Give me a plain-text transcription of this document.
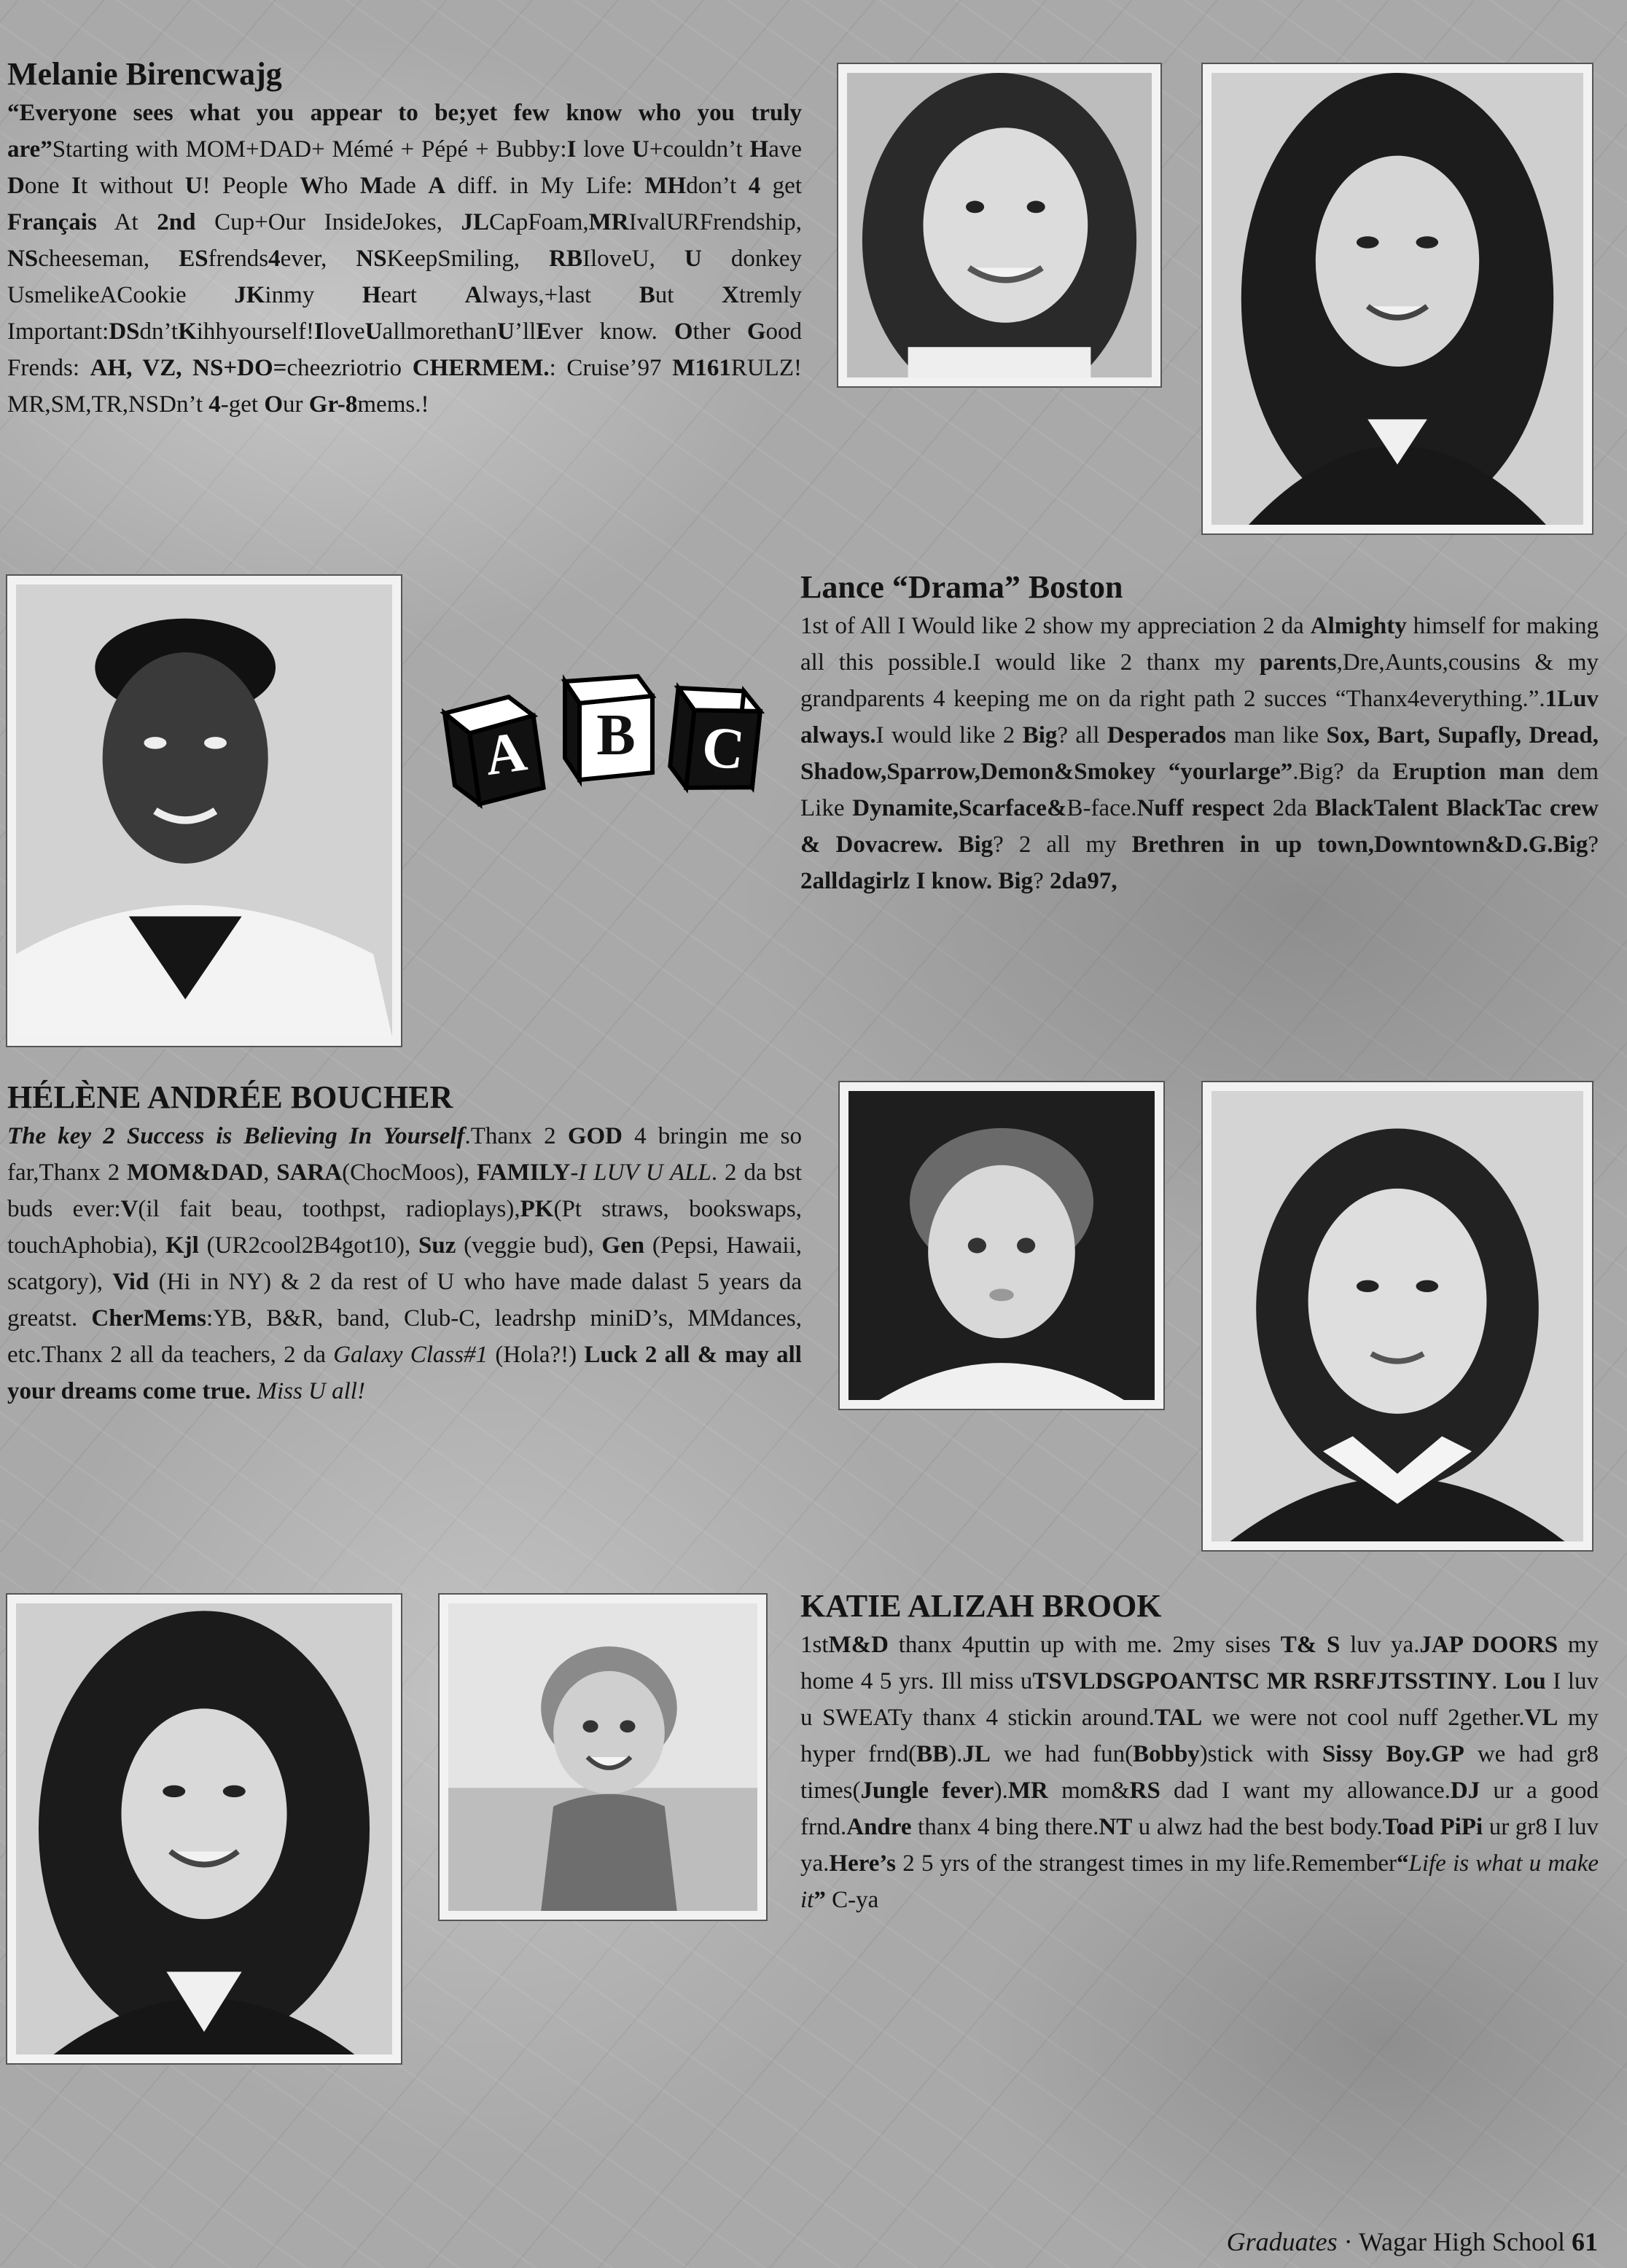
Melanie Birencwajg

“Everyone sees what you appear to be;yet few know who you truly are”Starting with MOM+DAD+ Mémé + Pépé + Bubby:I love U+couldn’t Have Done It without U! People Who Made A diff. in My Life: MHdon’t 4 get Français At 2nd Cup+Our InsideJokes, JLCapFoam,MRIvalURFrendship, NScheeseman, ESfrends4ever, NSKeepSmiling, RBIloveU, U donkey UsmelikeACookie JKinmy Heart Always,+last But Xtremly Important:DSdn’tKihhyourself!IloveUallmorethanU’llEver know. Other Good Frends: AH, VZ, NS+DO=cheezriotrio CHERMEM.: Cruise’97 M161RULZ! MR,SM,TR,NSDn’t 4-get Our Gr-8mems.!

A B C
Lance “Drama” Boston

1st of All I Would like 2 show my appreciation 2 da Almighty himself for making all this possible.I would like 2 thanx my parents,Dre,Aunts,cousins & my grandparents 4 keeping me on da right path 2 succes “Thanx4everything.”.1Luv always.I would like 2 Big? all Desperados man like Sox, Bart, Supafly, Dread, Shadow,Sparrow,Demon&Smokey “yourlarge”.Big? da Eruption man dem Like Dynamite,Scarface&B-face.Nuff respect 2da BlackTalent BlackTac crew & Dovacrew. Big? 2 all my Brethren in up town,Downtown&D.G.Big? 2alldagirlz I know. Big? 2da97,

HÉLÈNE ANDRÉE BOUCHER

The key 2 Success is Believing In Yourself.Thanx 2 GOD 4 bringin me so far,Thanx 2 MOM&DAD, SARA(ChocMoos), FAMILY-I LUV U ALL. 2 da bst buds ever:V(il fait beau, toothpst, radioplays),PK(Pt straws, bookswaps, touchAphobia), Kjl (UR2cool2B4got10), Suz (veggie bud), Gen (Pepsi, Hawaii, scatgory), Vid (Hi in NY) & 2 da rest of U who have made dalast 5 years da greatst. CherMems:YB, B&R, band, Club-C, leadrshp miniD’s, MMdances, etc.Thanx 2 all da teachers, 2 da Galaxy Class#1 (Hola?!) Luck 2 all & may all your dreams come true. Miss U all!

KATIE ALIZAH BROOK

1stM&D thanx 4puttin up with me. 2my sises T& S luv ya.JAP DOORS my home 4 5 yrs. Ill miss uTSVLDSGPOANTSC MR RSRFJTSSTINY. Lou I luv u SWEATy thanx 4 stickin around.TAL we were not cool nuff 2gether.VL my hyper frnd(BB).JL we had fun(Bobby)stick with Sissy Boy.GP we had gr8 times(Jungle fever).MR mom&RS dad I want my allowance.DJ ur a good frnd.Andre thanx 4 bing there.NT u alwz had the best body.Toad PiPi ur gr8 I luv ya.Here’s 2 5 yrs of the strangest times in my life.Remember“Life is what u make it” C-ya

Graduates · Wagar High School 61
